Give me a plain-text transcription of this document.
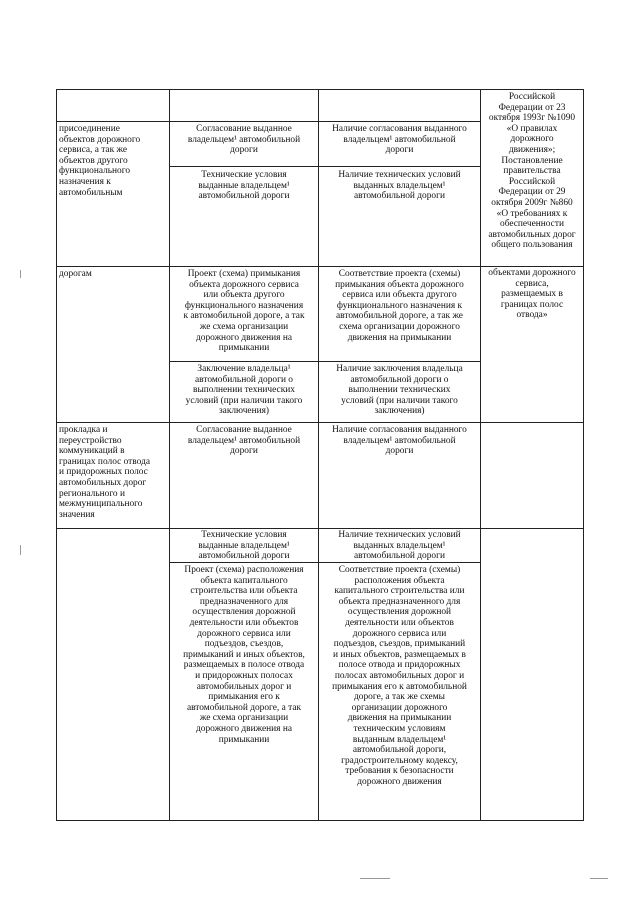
Российской
Федерации от 23
октября 1993г №1090
«О правилах
дорожного
движения»;
Постановление
правительства
Российской
Федерации от 29
октября 2009г №860
«О требованиях к
обеспеченности
автомобильных дорог
общего пользования
объектами дорожного
сервиса,
размещаемых в
границах полос
отвода»
присоединение
объектов дорожного
сервиса, а так же
объектов другого
функционального
назначения к
автомобильным
Согласование выданное
владельцем¹ автомобильной
дороги
Наличие согласования выданного
владельцем¹ автомобильной
дороги
Технические условия
выданные владельцем¹
автомобильной дороги
Наличие технических условий
выданных владельцем¹
автомобильной дороги
дорогам	Проект (схема) примыкания
объекта дорожного сервиса
или объекта другого
функционального назначения
к автомобильной дороге, а так
же схема организации
дорожного движения на
примыкании
Соответствие проекта (схемы)
примыкания объекта дорожного
сервиса или объекта другого
функционального назначения к
автомобильной дороге, а так же
схема организации дорожного
движения на примыкании
Заключение владельца¹
автомобильной дороги о
выполнении технических
условий (при наличии такого
заключения)
Наличие заключения владельца
автомобильной дороги о
выполнении технических
условий (при наличии такого
заключения)
прокладка и
переустройство
коммуникаций в
границах полос отвода
и придорожных полос
автомобильных дорог
регионального и
межмуниципального
значения
Согласование выданное
владельцем¹ автомобильной
дороги
Наличие согласования выданного
владельцем¹ автомобильной
дороги
Технические условия
выданные владельцем¹
автомобильной дороги
Наличие технических условий
выданных владельцем¹
автомобильной дороги
Проект (схема) расположения
объекта капитального
строительства или объекта
предназначенного для
осуществления дорожной
деятельности или объектов
дорожного сервиса или
подъездов, съездов,
примыканий и иных объектов,
размещаемых в полосе отвода
и придорожных полосах
автомобильных дорог и
примыкания его к
автомобильной дороге, а так
же схема организации
дорожного движения на
примыкании
Соответствие проекта (схемы)
расположения объекта
капитального строительства или
объекта предназначенного для
осуществления дорожной
деятельности или объектов
дорожного сервиса или
подъездов, съездов, примыканий
и иных объектов, размещаемых в
полосе отвода и придорожных
полосах автомобильных дорог и
примыкания его к автомобильной
дороге, а так же схемы
организации дорожного
движения на примыкании
техническим условиям
выданным владельцем¹
автомобильной дороги,
градостроительному кодексу,
требования к безопасности
дорожного движения
